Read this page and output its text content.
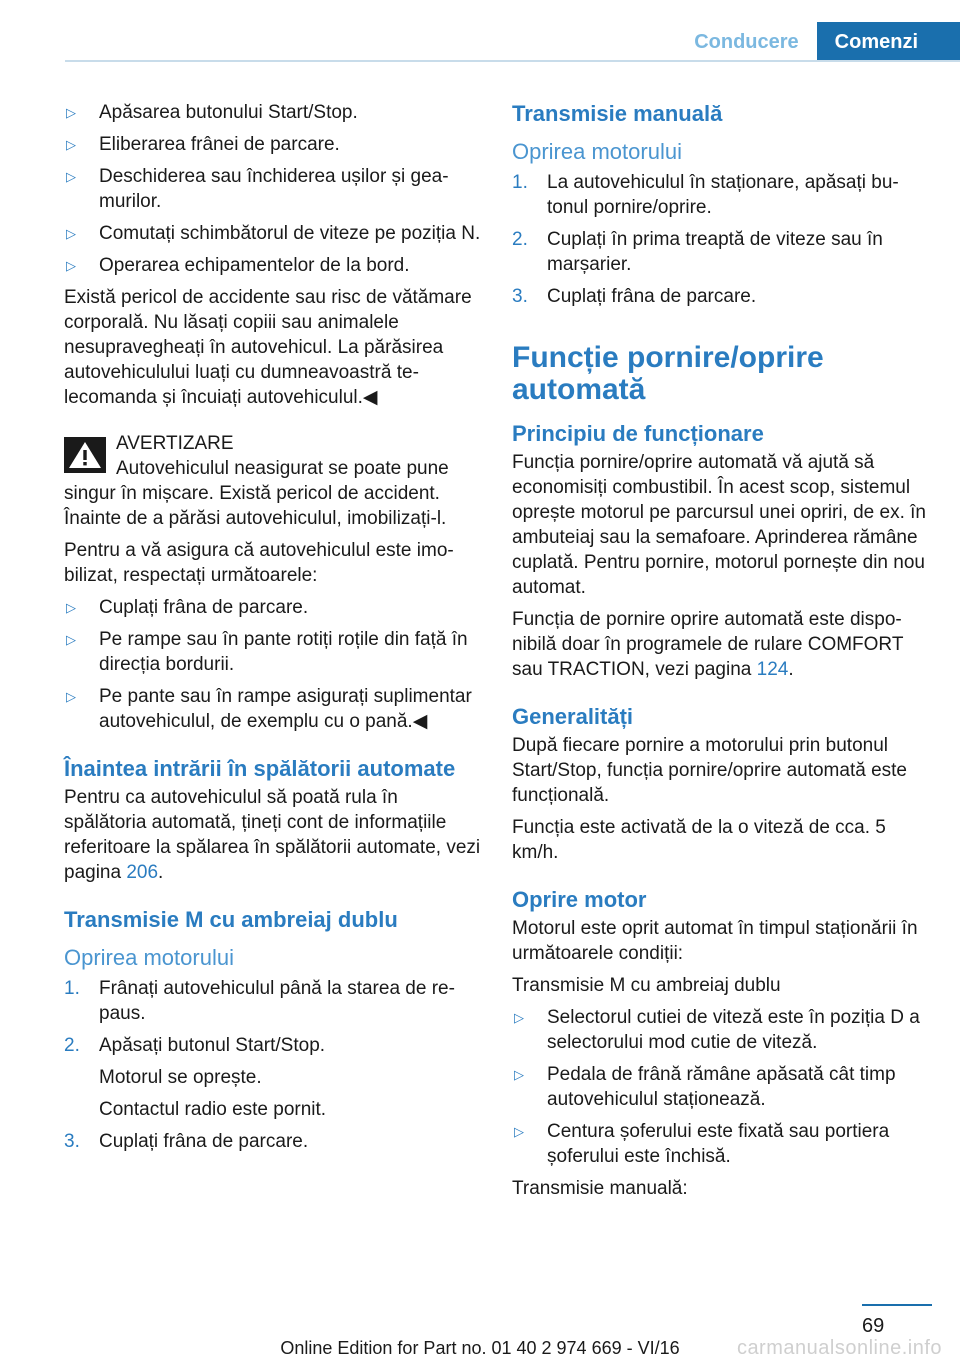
Conducere	Comenzi
▷ Apăsarea butonului Start/Stop.
▷ Eliberarea frânei de parcare.
▷ Deschiderea sau închiderea ușilor și geamurilor.
▷ Comutați schimbătorul de viteze pe poziția N.
▷ Operarea echipamentelor de la bord.

Există pericol de accidente sau risc de vătămare corporală. Nu lăsați copiii sau animalele nesupravegheați în autovehicul. La părăsirea autovehiculului luați cu dumneavoastră telecomanda și încuiați autovehiculul.◀

AVERTIZARE
Autovehiculul neasigurat se poate pune singur în mișcare. Există pericol de accident. Înainte de a părăsi autovehiculul, imobilizați-l.

Pentru a vă asigura că autovehiculul este imobilizat, respectați următoarele:

▷ Cuplați frâna de parcare.
▷ Pe rampe sau în pante rotiți roțile din față în direcția bordurii.
▷ Pe pante sau în rampe asigurați suplimentar autovehiculul, de exemplu cu o pană.◀
Înaintea intrării în spălătorii automate

Pentru ca autovehiculul să poată rula în spălătoria automată, țineți cont de informațiile referitoare la spălarea în spălătorii automate, vezi pagina 206.

Transmisie M cu ambreiaj dublu
Oprirea motorului
1. Frânați autovehiculul până la starea de repaus.
2. Apăsați butonul Start/Stop.
Motorul se oprește.
Contactul radio este pornit.
3. Cuplați frâna de parcare.
Transmisie manuală
Oprirea motorului
1. La autovehiculul în staționare, apăsați butonul pornire/oprire.
2. Cuplați în prima treaptă de viteze sau în marșarier.
3. Cuplați frâna de parcare.
Funcție pornire/oprire automată
Principiu de funcționare

Funcția pornire/oprire automată vă ajută să economisiți combustibil. În acest scop, sistemul oprește motorul pe parcursul unei opriri, de ex. în ambuteiaj sau la semafoare. Aprinderea rămâne cuplată. Pentru pornire, motorul pornește din nou automat.

Funcția de pornire oprire automată este disponibilă doar în programele de rulare COMFORT sau TRACTION, vezi pagina 124.

Generalități

După fiecare pornire a motorului prin butonul Start/Stop, funcția pornire/oprire automată este funcțională.

Funcția este activată de la o viteză de cca. 5 km/h.

Oprire motor

Motorul este oprit automat în timpul staționării în următoarele condiții:

Transmisie M cu ambreiaj dublu

▷ Selectorul cutiei de viteză este în poziția D a selectorului mod cutie de viteză.
▷ Pedala de frână rămâne apăsată cât timp autovehiculul staționează.
▷ Centura șoferului este fixată sau portiera șoferului este închisă.

Transmisie manuală:

69
Online Edition for Part no. 01 40 2 974 669 - VI/16	carmanualsonline.info
